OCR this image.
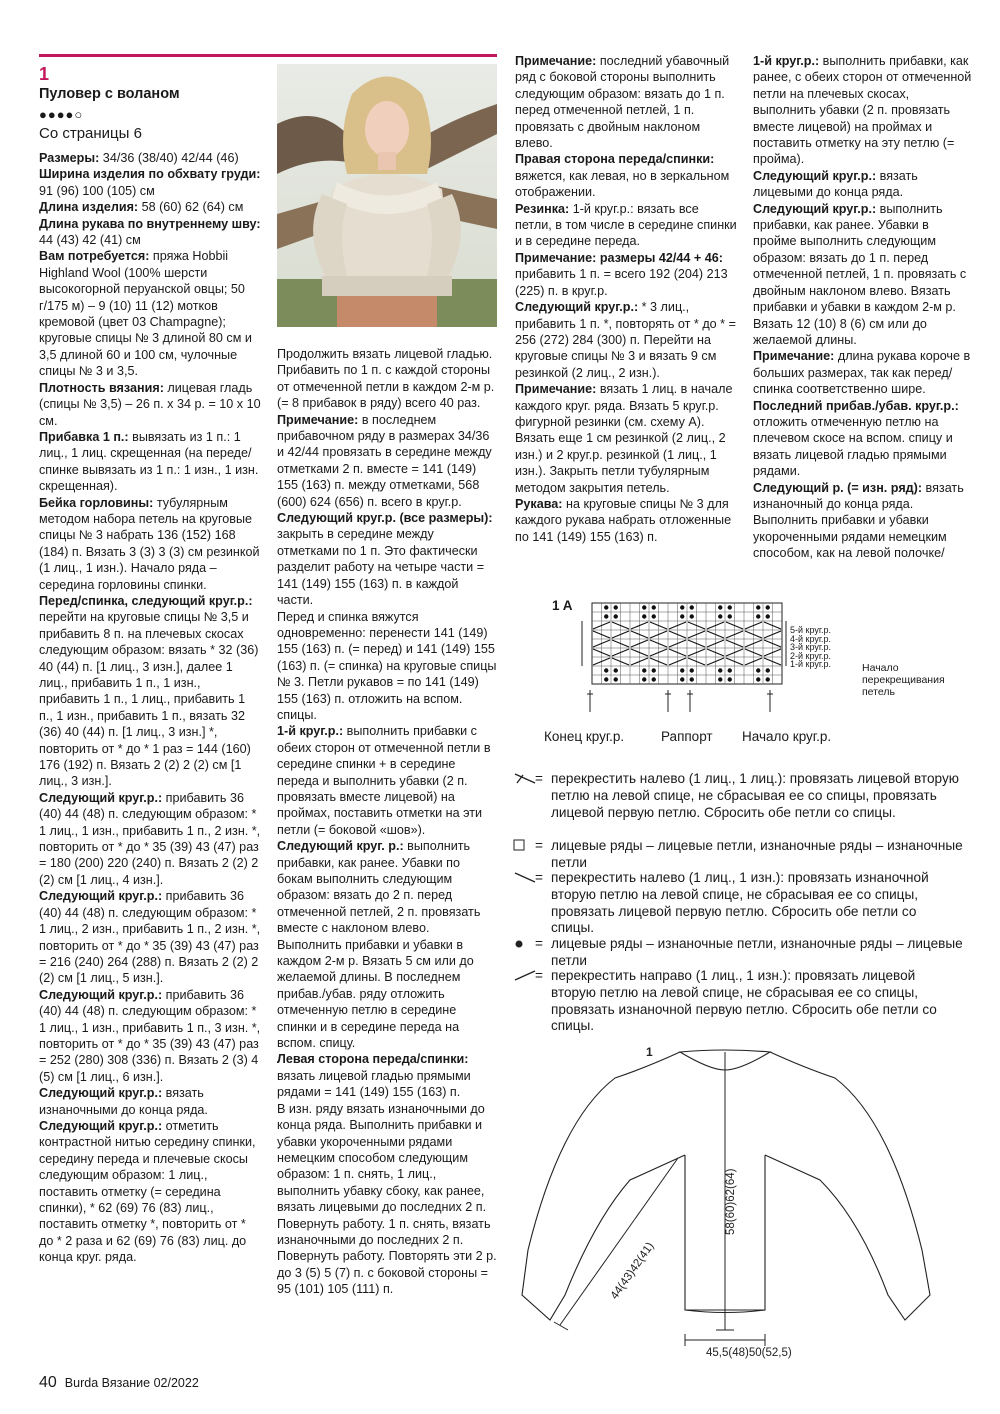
1
Пуловер с воланом
●●●●○
Со страницы 6

Размеры: 34/36 (38/40) 42/44 (46)

Ширина изделия по обхвату груди: 91 (96) 100 (105) см

Длина изделия: 58 (60) 62 (64) см

Длина рукава по внутреннему шву: 44 (43) 42 (41) см

Вам потребуется: пряжа Hobbii Highland Wool (100% шерсти высокогорной перуанской овцы; 50 г/175 м) – 9 (10) 11 (12) мотков кремовой (цвет 03 Champagne); круговые спицы № 3 длиной 80 см и 3,5 длиной 60 и 100 см, чулочные спицы № 3 и 3,5.

Плотность вязания: лицевая гладь (спицы № 3,5) – 26 п. х 34 р. = 10 х 10 см.

Прибавка 1 п.: вывязать из 1 п.: 1 лиц., 1 лиц. скрещенная (на переде/спинке вывязать из 1 п.: 1 изн., 1 изн. скрещенная).

Бейка горловины: тубулярным методом набора петель на круговые спицы № 3 набрать 136 (152) 168 (184) п. Вязать 3 (3) 3 (3) см резинкой (1 лиц., 1 изн.). Начало ряда – середина горловины спинки.

Перед/спинка, следующий круг.р.: перейти на круговые спицы № 3,5 и прибавить 8 п. на плечевых скосах следующим образом: вязать * 32 (36) 40 (44) п. [1 лиц., 3 изн.], далее 1 лиц., прибавить 1 п., 1 изн., прибавить 1 п., 1 лиц., прибавить 1 п., 1 изн., прибавить 1 п., вязать 32 (36) 40 (44) п. [1 лиц., 3 изн.] *, повторить от * до * 1 раз = 144 (160) 176 (192) п. Вязать 2 (2) 2 (2) см [1 лиц., 3 изн.].

Следующий круг.р.: прибавить 36 (40) 44 (48) п. следующим образом: * 1 лиц., 1 изн., прибавить 1 п., 2 изн. *, повторить от * до * 35 (39) 43 (47) раз = 180 (200) 220 (240) п. Вязать 2 (2) 2 (2) см [1 лиц., 4 изн.].

Следующий круг.р.: прибавить 36 (40) 44 (48) п. следующим образом: * 1 лиц., 2 изн., прибавить 1 п., 2 изн. *, повторить от * до * 35 (39) 43 (47) раз = 216 (240) 264 (288) п. Вязать 2 (2) 2 (2) см [1 лиц., 5 изн.].

Следующий круг.р.: прибавить 36 (40) 44 (48) п. следующим образом: * 1 лиц., 1 изн., прибавить 1 п., 3 изн. *, повторить от * до * 35 (39) 43 (47) раз = 252 (280) 308 (336) п. Вязать 2 (3) 4 (5) см [1 лиц., 6 изн.].

Следующий круг.р.: вязать изнаночными до конца ряда.

Следующий круг.р.: отметить контрастной нитью середину спинки, середину переда и плечевые скосы следующим образом: 1 лиц., поставить отметку (= середина спинки), * 62 (69) 76 (83) лиц., поставить отметку *, повторить от * до * 2 раза и 62 (69) 76 (83) лиц. до конца круг. ряда.

Продолжить вязать лицевой гладью. Прибавить по 1 п. с каждой стороны от отмеченной петли в каждом 2-м р. (= 8 прибавок в ряду) всего 40 раз.

Примечание: в последнем прибавочном ряду в размерах 34/36 и 42/44 провязать в середине между отметками 2 п. вместе = 141 (149) 155 (163) п. между отметками, 568 (600) 624 (656) п. всего в круг.р.

Следующий круг.р. (все размеры): закрыть в середине между отметками по 1 п. Это фактически разделит работу на четыре части = 141 (149) 155 (163) п. в каждой части.

Перед и спинка вяжутся одновременно: перенести 141 (149) 155 (163) п. (= перед) и 141 (149) 155 (163) п. (= спинка) на круговые спицы № 3. Петли рукавов = по 141 (149) 155 (163) п. отложить на вспом. спицы.

1-й круг.р.: выполнить прибавки с обеих сторон от отмеченной петли в середине спинки + в середине переда и выполнить убавки (2 п. провязать вместе лицевой) на проймах, поставить отметки на эти петли (= боковой «шов»).

Следующий круг. р.: выполнить прибавки, как ранее. Убавки по бокам выполнить следующим образом: вязать до 2 п. перед отмеченной петлей, 2 п. провязать вместе с наклоном влево. Выполнить прибавки и убавки в каждом 2-м р. Вязать 5 см или до желаемой длины. В последнем прибав./убав. ряду отложить отмеченную петлю в середине спинки и в середине переда на вспом. спицу.

Левая сторона переда/спинки: вязать лицевой гладью прямыми рядами = 141 (149) 155 (163) п.

В изн. ряду вязать изнаночными до конца ряда. Выполнить прибавки и убавки укороченными рядами немецким способом следующим образом: 1 п. снять, 1 лиц., выполнить убавку сбоку, как ранее, вязать лицевыми до последних 2 п. Повернуть работу. 1 п. снять, вязать изнаночными до последних 2 п. Повернуть работу. Повторять эти 2 р. до 3 (5) 5 (7) п. с боковой стороны = 95 (101) 105 (111) п.

Примечание: последний убавочный ряд с боковой стороны выполнить следующим образом: вязать до 1 п. перед отмеченной петлей, 1 п. провязать с двойным наклоном влево.

Правая сторона переда/спинки: вяжется, как левая, но в зеркальном отображении.

Резинка: 1-й круг.р.: вязать все петли, в том числе в середине спинки и в середине переда.

Примечание: размеры 42/44 + 46: прибавить 1 п. = всего 192 (204) 213 (225) п. в круг.р.

Следующий круг.р.: * 3 лиц., прибавить 1 п. *, повторять от * до * = 256 (272) 284 (300) п. Перейти на круговые спицы № 3 и вязать 9 см резинкой (2 лиц., 2 изн.).

Примечание: вязать 1 лиц. в начале каждого круг. ряда. Вязать 5 круг.р. фигурной резинки (см. схему А). Вязать еще 1 см резинкой (2 лиц., 2 изн.) и 2 круг.р. резинкой (1 лиц., 1 изн.). Закрыть петли тубулярным методом закрытия петель.

Рукава: на круговые спицы № 3 для каждого рукава набрать отложенные по 141 (149) 155 (163) п.

1-й круг.р.: выполнить прибавки, как ранее, с обеих сторон от отмеченной петли на плечевых скосах, выполнить убавки (2 п. провязать вместе лицевой) на проймах и поставить отметку на эту петлю (= пройма).

Следующий круг.р.: вязать лицевыми до конца ряда.

Следующий круг.р.: выполнить прибавки, как ранее. Убавки в пройме выполнить следующим образом: вязать до 1 п. перед отмеченной петлей, 1 п. провязать с двойным наклоном влево. Вязать прибавки и убавки в каждом 2-м р. Вязать 12 (10) 8 (6) см или до желаемой длины.

Примечание: длина рукава короче в больших размерах, так как перед/спинка соответственно шире.

Последний прибав./убав. круг.р.: отложить отмеченную петлю на плечевом скосе на вспом. спицу и вязать лицевой гладью прямыми рядами.

Следующий р. (= изн. ряд): вязать изнаночный до конца ряда. Выполнить прибавки и убавки укороченными рядами немецким способом, как на левой полочке/

1 A
5-й круг.р.
4-й круг.р.
3-й круг.р.
2-й круг.р.
1-й круг.р.	Начало перекрещивания петель
Конец круг.р.	Раппорт Начало круг.р.
= перекрестить налево (1 лиц., 1 лиц.): провязать лицевой вторую петлю на левой спице, не сбрасывая ее со спицы, провязать лицевой первую петлю. Сбросить обе петли со спицы.
= лицевые ряды – лицевые петли, изнаночные ряды – изнаночные петли
= перекрестить налево (1 лиц., 1 изн.): провязать изнаночной вторую петлю на левой спице, не сбрасывая ее со спицы, провязать лицевой первую петлю. Сбросить обе петли со спицы.
= лицевые ряды – изнаночные петли, изнаночные ряды – лицевые петли
= перекрестить направо (1 лиц., 1 изн.): провязать лицевой вторую петлю на левой спице, не сбрасывая ее со спицы, провязать изнаночной первую петлю. Сбросить обе петли со спицы.
1
58(60)62(64)
44(43)42(41)
45,5(48)50(52,5)
40 Burda Вязание 02/2022
